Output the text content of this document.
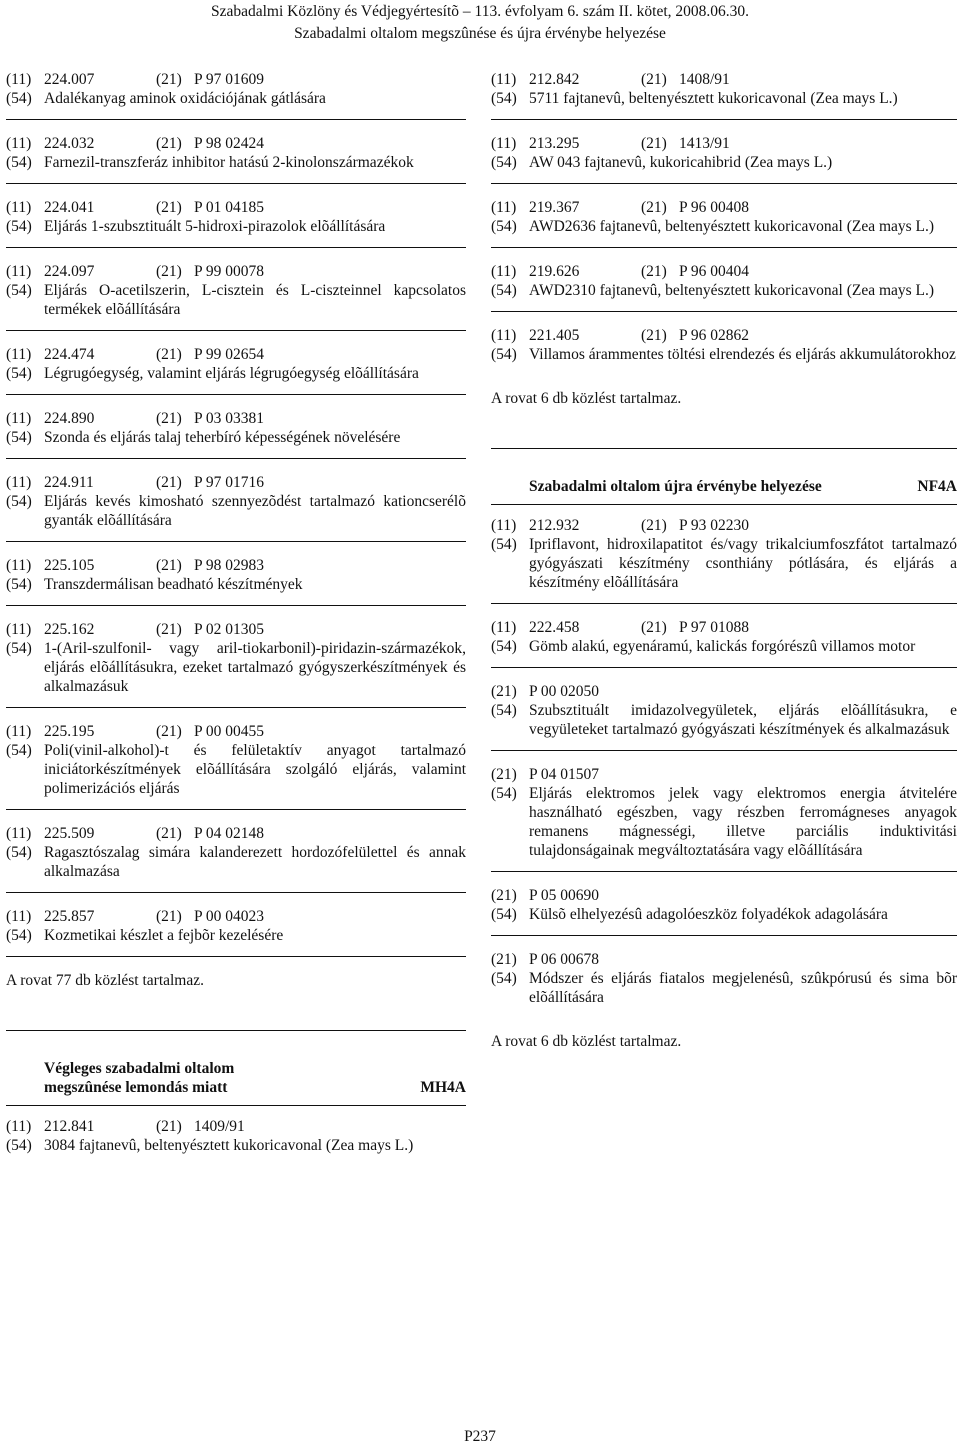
Szabadalmi Közlöny és Védjegyértesítõ – 113. évfolyam 6. szám II. kötet, 2008.06.30.
Szabadalmi oltalom megszûnése és újra érvénybe helyezése
(11) 224.007	(21) P 97 01609
(54) Adalékanyag aminok oxidációjának gátlására
(11) 224.032	(21) P 98 02424
(54) Farnezil-transzferáz inhibitor hatású 2-kinolonszármazékok
(11) 224.041	(21) P 01 04185
(54) Eljárás 1-szubsztituált 5-hidroxi-pirazolok elõállítására
(11) 224.097	(21) P 99 00078
(54) Eljárás O-acetilszerin, L-cisztein és L-ciszteinnel kapcsolatos termékek elõállítására
(11) 224.474	(21) P 99 02654
(54) Légrugóegység, valamint eljárás légrugóegység elõállítására
(11) 224.890	(21) P 03 03381
(54) Szonda és eljárás talaj teherbíró képességének növelésére
(11) 224.911	(21) P 97 01716
(54) Eljárás kevés kimosható szennyezõdést tartalmazó kationcserélõ gyanták elõállítására
(11) 225.105	(21) P 98 02983
(54) Transzdermálisan beadható készítmények
(11) 225.162	(21) P 02 01305
(54) 1-(Aril-szulfonil- vagy aril-tiokarbonil)-piridazin-származékok, eljárás elõállításukra, ezeket tartalmazó gyógyszerkészítmények és alkalmazásuk
(11) 225.195	(21) P 00 00455
(54) Poli(vinil-alkohol)-t és felületaktív anyagot tartalmazó iniciátorkészítmények elõállítására szolgáló eljárás, valamint polimerizációs eljárás
(11) 225.509	(21) P 04 02148
(54) Ragasztószalag simára kalanderezett hordozófelülettel és annak alkalmazása
(11) 225.857	(21) P 00 04023
(54) Kozmetikai készlet a fejbõr kezelésére
A rovat 77 db közlést tartalmaz.
Végleges szabadalmi oltalom
megszûnése lemondás miatt	MH4A
(11) 212.841	(21) 1409/91
(54) 3084 fajtanevû, beltenyésztett kukoricavonal (Zea mays L.)
(11) 212.842	(21) 1408/91
(54) 5711 fajtanevû, beltenyésztett kukoricavonal (Zea mays L.)
(11) 213.295	(21) 1413/91
(54) AW 043 fajtanevû, kukoricahibrid (Zea mays L.)
(11) 219.367	(21) P 96 00408
(54) AWD2636 fajtanevû, beltenyésztett kukoricavonal (Zea mays L.)
(11) 219.626	(21) P 96 00404
(54) AWD2310 fajtanevû, beltenyésztett kukoricavonal (Zea mays L.)
(11) 221.405	(21) P 96 02862
(54) Villamos árammentes töltési elrendezés és eljárás akkumulátorokhoz
A rovat 6 db közlést tartalmaz.
Szabadalmi oltalom újra érvénybe helyezése	NF4A
(11) 212.932	(21) P 93 02230
(54) Ipriflavont, hidroxilapatitot és/vagy trikalciumfoszfátot tartalmazó gyógyászati készítmény csonthiány pótlására, és eljárás a készítmény elõállítására
(11) 222.458	(21) P 97 01088
(54) Gömb alakú, egyenáramú, kalickás forgórészû villamos motor
(21) P 00 02050
(54) Szubsztituált imidazolvegyületek, eljárás elõállításukra, e vegyületeket tartalmazó gyógyászati készítmények és alkalmazásuk
(21) P 04 01507
(54) Eljárás elektromos jelek vagy elektromos energia átvitelére használható egészben, vagy részben ferromágneses anyagok remanens mágnességi, illetve parciális induktivitási tulajdonságainak megváltoztatására vagy elõállítására
(21) P 05 00690
(54) Külsõ elhelyezésû adagolóeszköz folyadékok adagolására
(21) P 06 00678
(54) Módszer és eljárás fiatalos megjelenésû, szûkpórusú és sima bõr elõállítására
A rovat 6 db közlést tartalmaz.
P237
